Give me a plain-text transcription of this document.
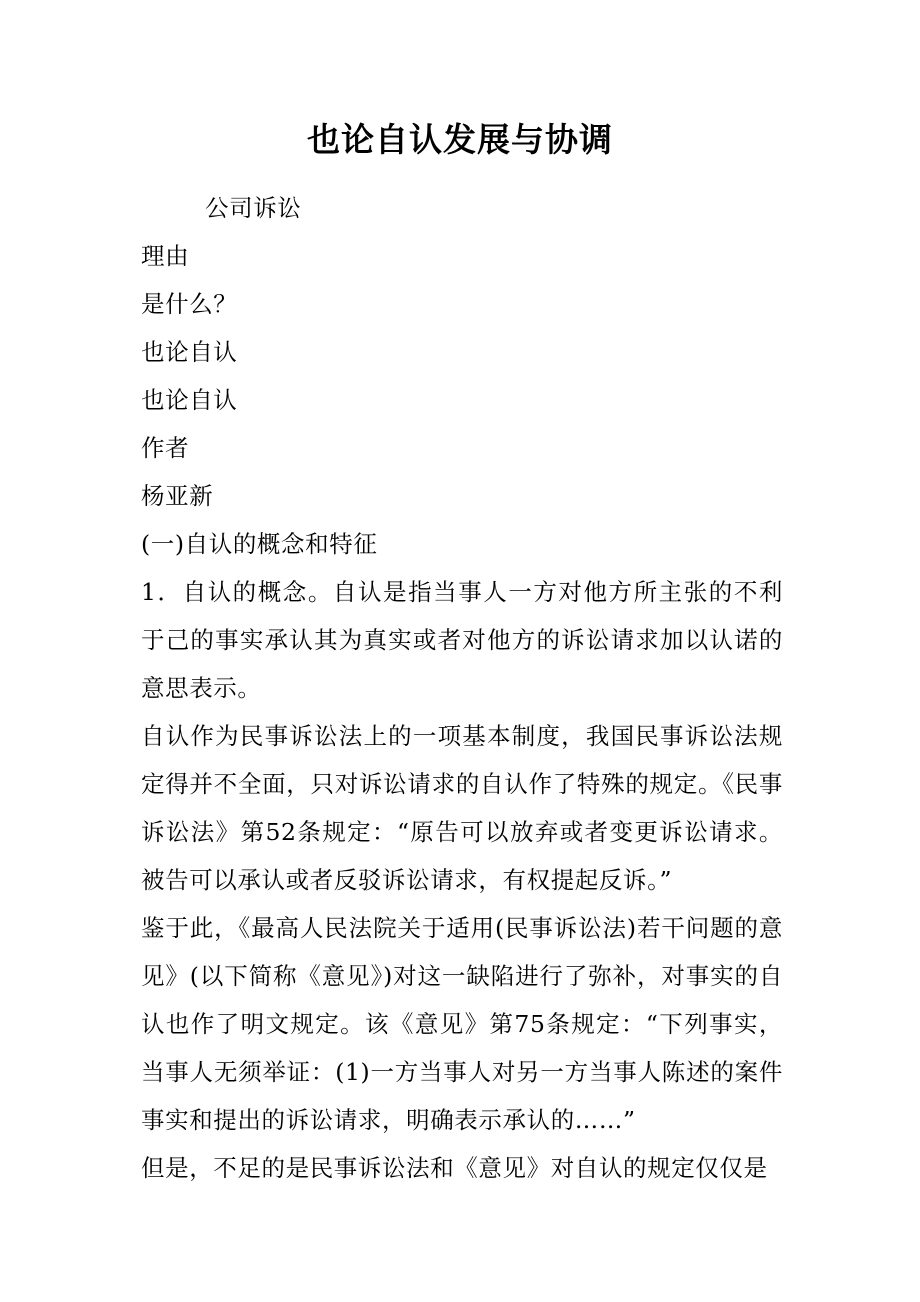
也论自认发展与协调

公司诉讼

理由

是什么？

也论自认

也论自认

作者

杨亚新

(一)自认的概念和特征

1．自认的概念。自认是指当事人一方对他方所主张的不利于己的事实承认其为真实或者对他方的诉讼请求加以认诺的意思表示。

自认作为民事诉讼法上的一项基本制度，我国民事诉讼法规定得并不全面，只对诉讼请求的自认作了特殊的规定。《民事诉讼法》第52条规定：“原告可以放弃或者变更诉讼请求。被告可以承认或者反驳诉讼请求，有权提起反诉。”

鉴于此，《最高人民法院关于适用(民事诉讼法)若干问题的意见》(以下简称《意见》)对这一缺陷进行了弥补，对事实的自认也作了明文规定。该《意见》第75条规定：“下列事实，当事人无须举证：(1)一方当事人对另一方当事人陈述的案件事实和提出的诉讼请求，明确表示承认的……”

但是，不足的是民事诉讼法和《意见》对自认的规定仅仅是
